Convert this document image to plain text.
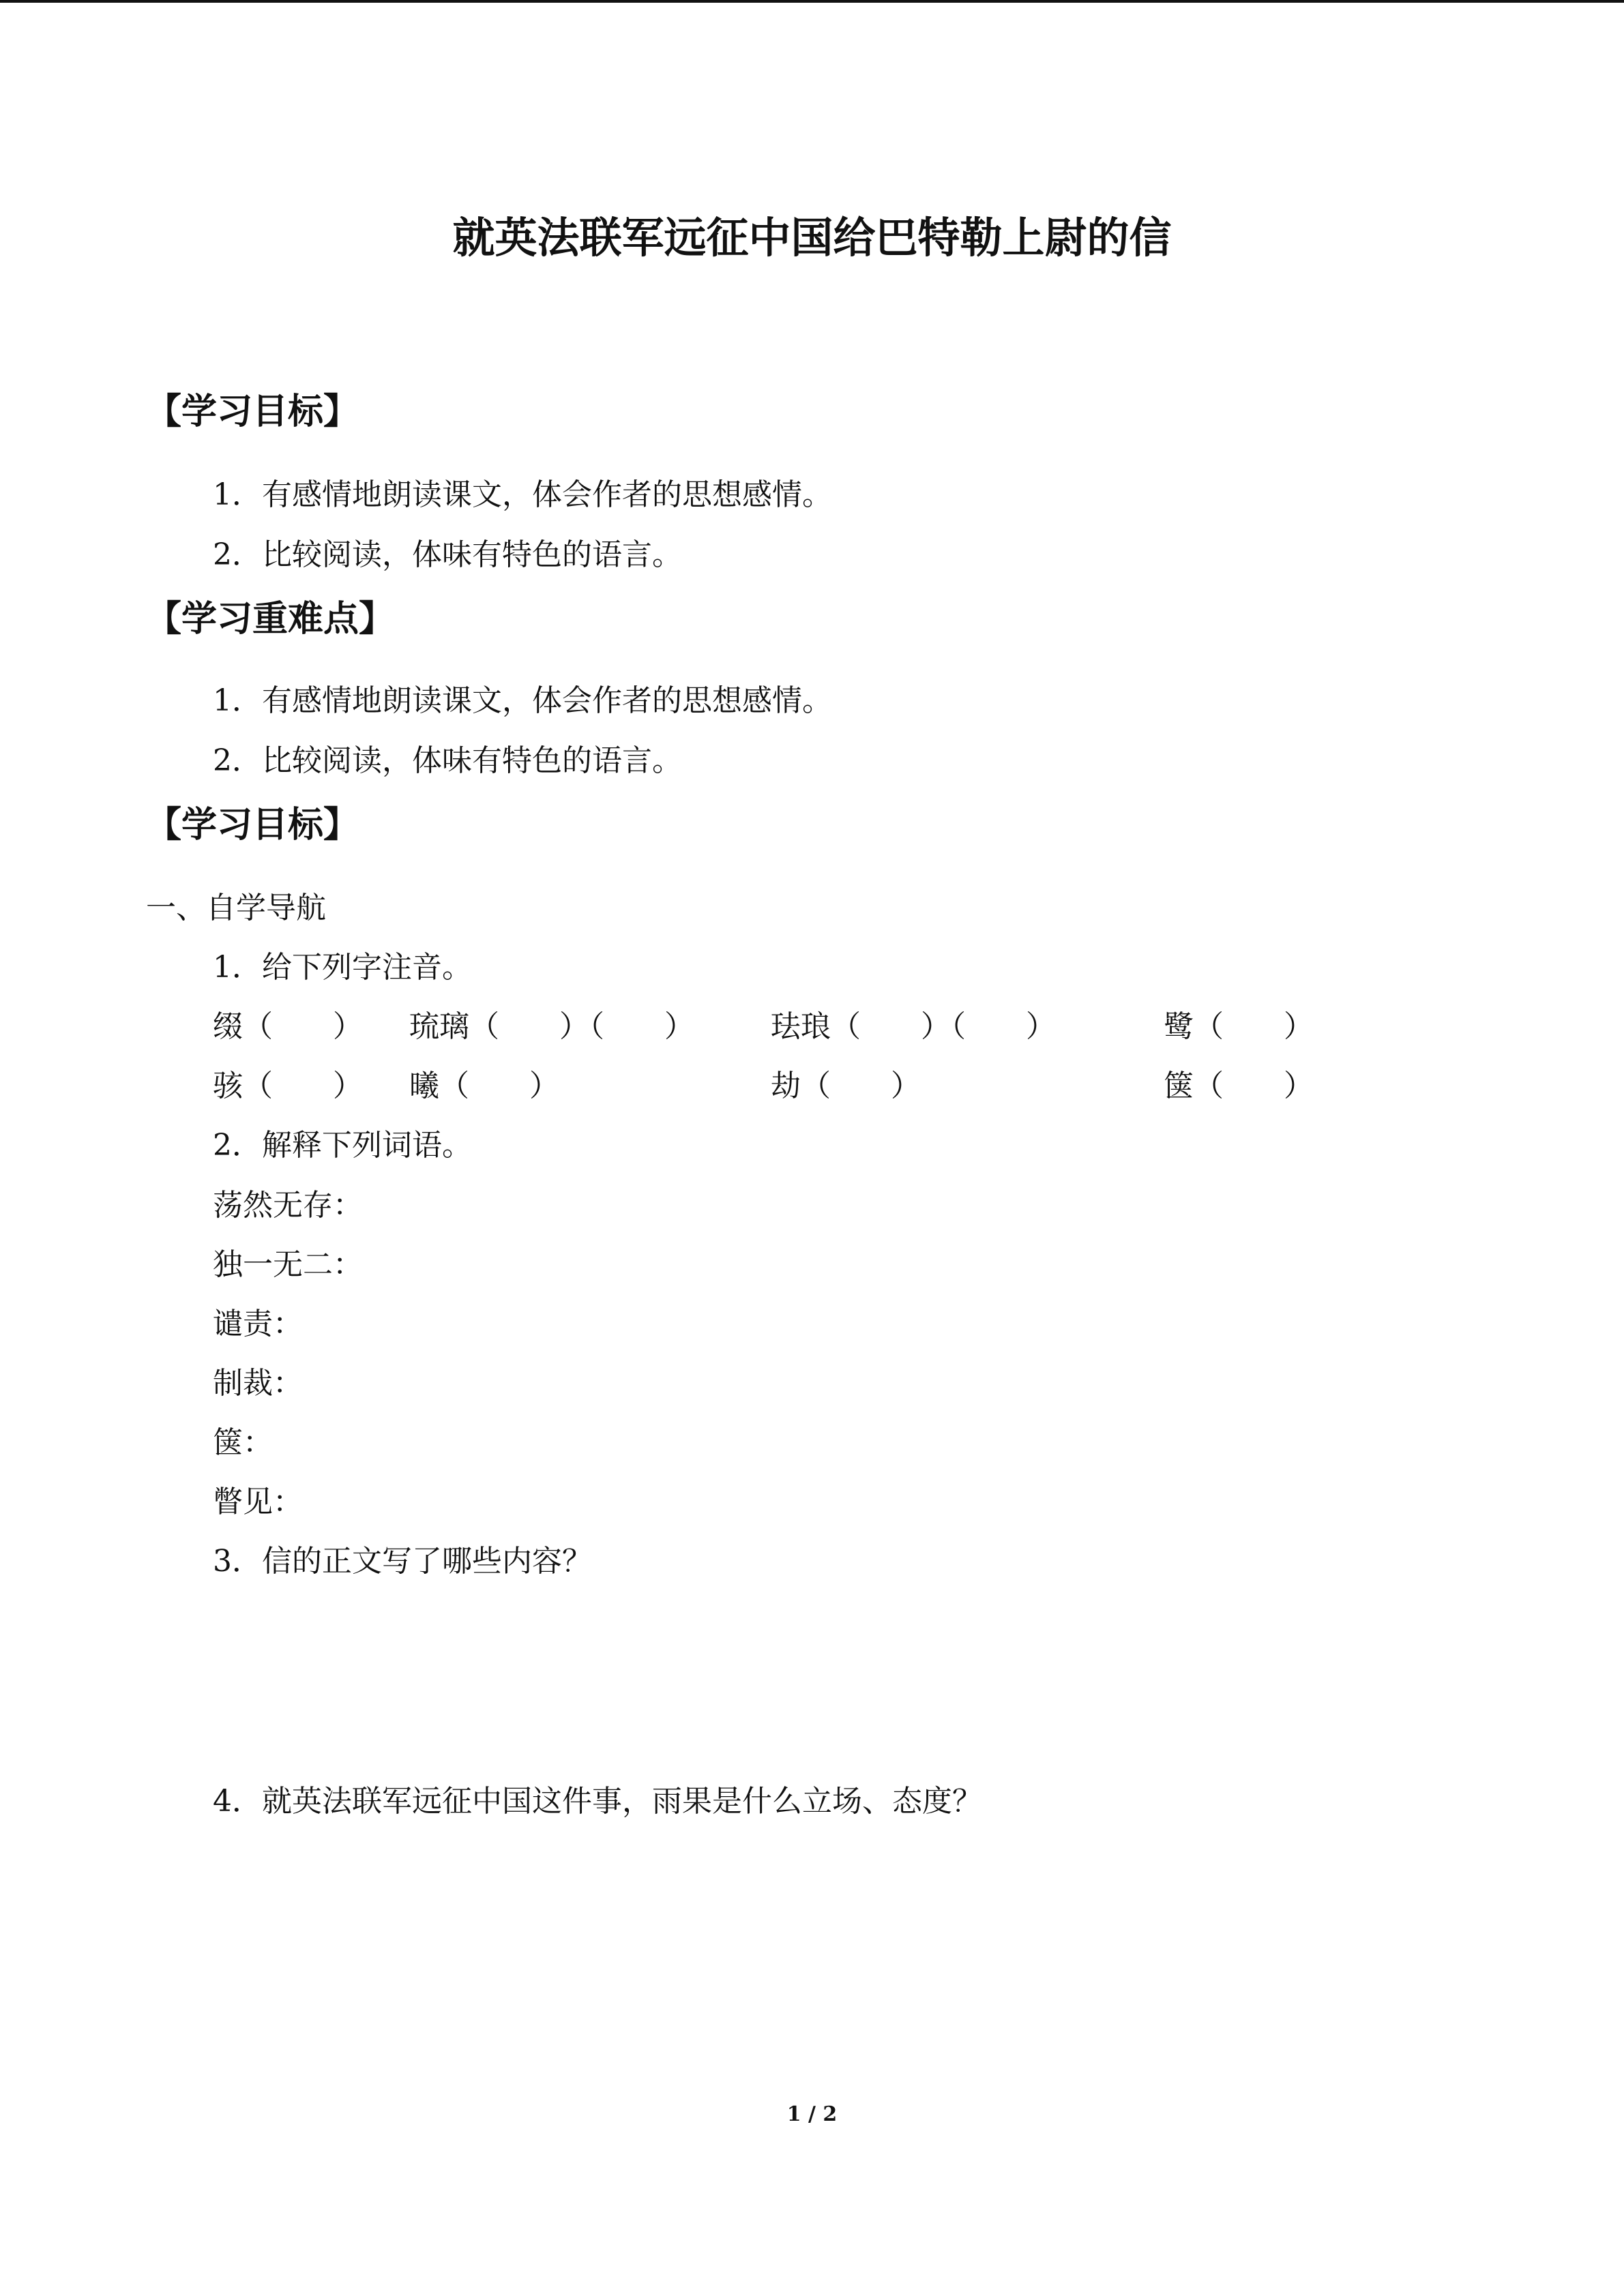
就英法联军远征中国给巴特勒上尉的信
【学习目标】
1．有感情地朗读课文，体会作者的思想感情。
2．比较阅读，体味有特色的语言。
【学习重难点】
1．有感情地朗读课文，体会作者的思想感情。
2．比较阅读，体味有特色的语言。
【学习目标】
一、自学导航
1．给下列字注音。
缀（　　） 琉璃（　　）（　　）	珐琅（　　）（　　）	鹭（　　）
骇（　　） 曦（　　）	劫（　　）	箧（　　）
2．解释下列词语。
荡然无存：
独一无二：
谴责：
制裁：
箧：
瞥见：
3．信的正文写了哪些内容？
4．就英法联军远征中国这件事，雨果是什么立场、态度？
1 / 2
